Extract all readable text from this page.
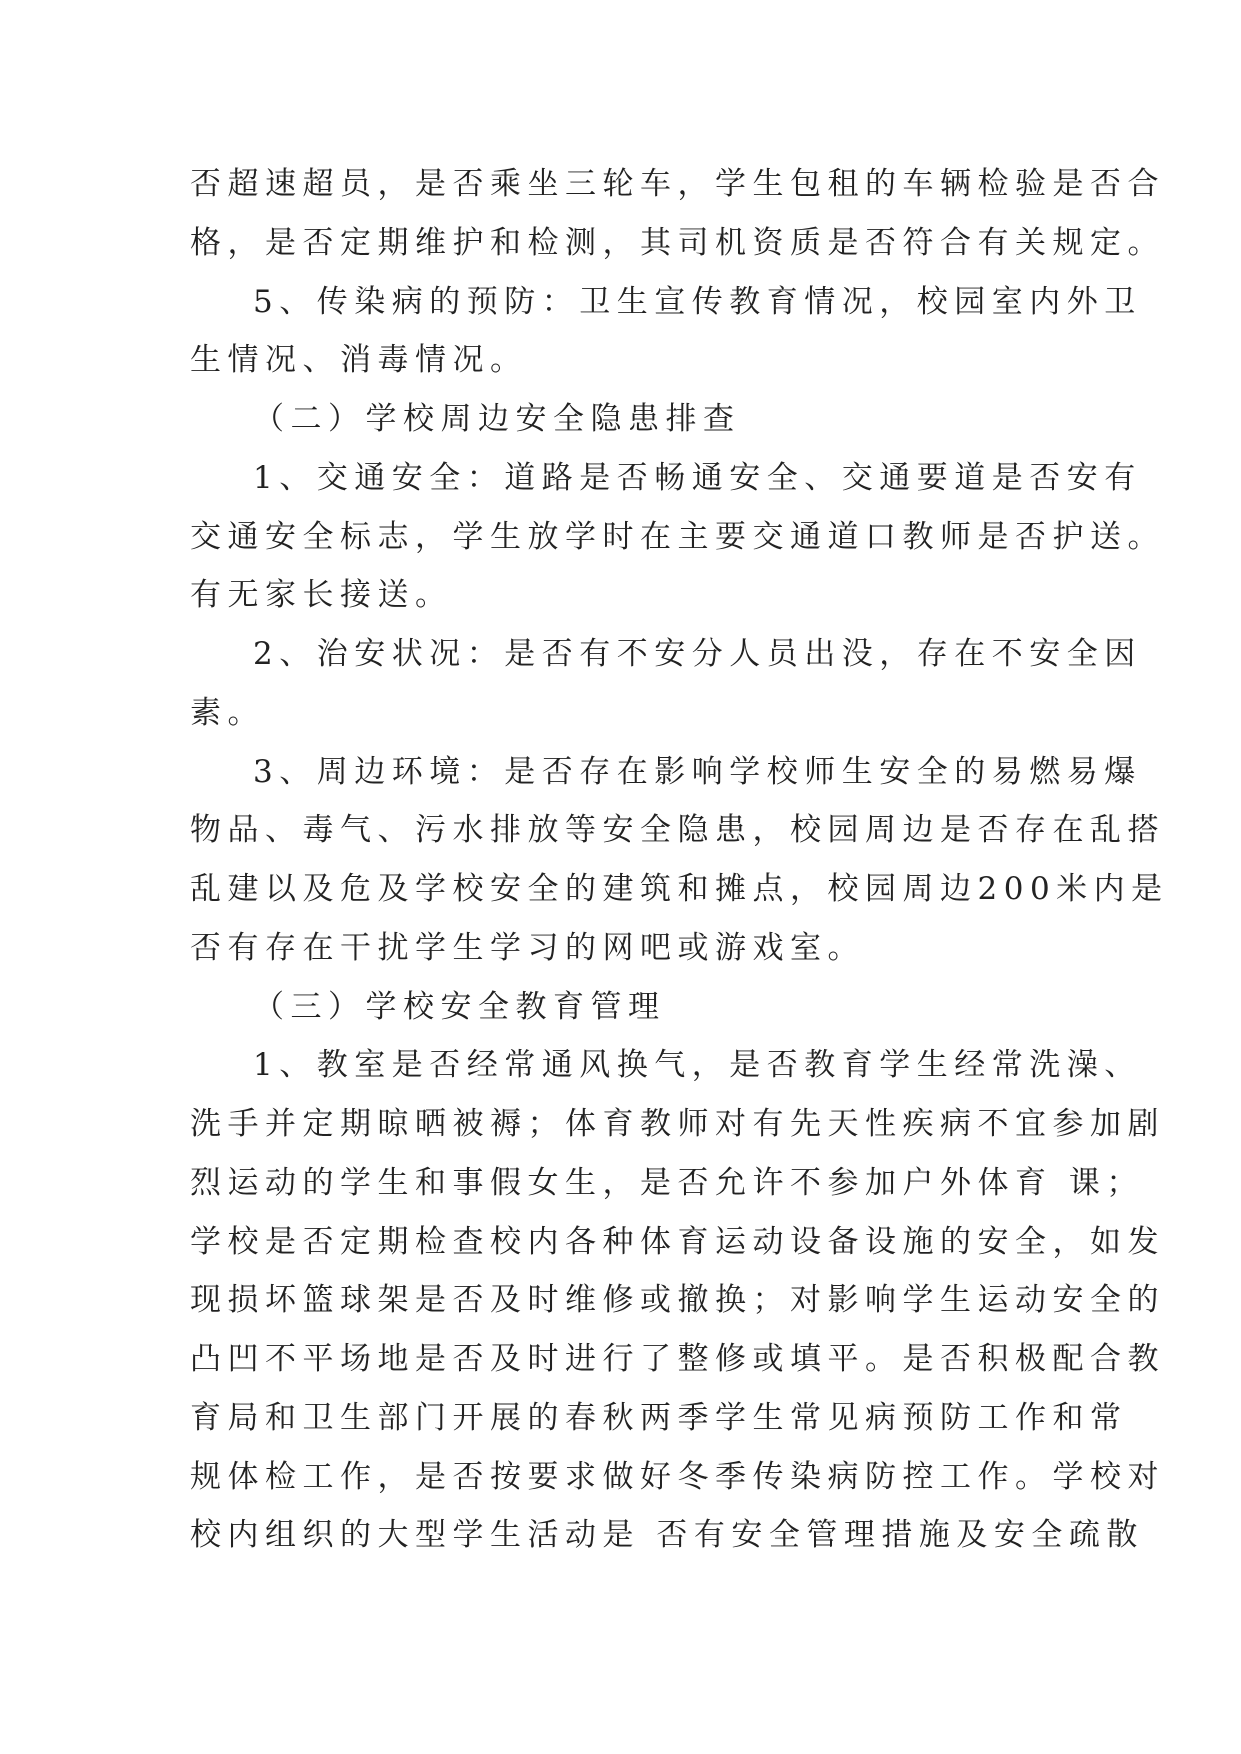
否超速超员，是否乘坐三轮车，学生包租的车辆检验是否合
格，是否定期维护和检测，其司机资质是否符合有关规定。
5、传染病的预防：卫生宣传教育情况，校园室内外卫
生情况、消毒情况。
（二）学校周边安全隐患排查
1、交通安全：道路是否畅通安全、交通要道是否安有
交通安全标志，学生放学时在主要交通道口教师是否护送。
有无家长接送。
2、治安状况：是否有不安分人员出没，存在不安全因
素。
3、周边环境：是否存在影响学校师生安全的易燃易爆
物品、毒气、污水排放等安全隐患，校园周边是否存在乱搭
乱建以及危及学校安全的建筑和摊点，校园周边200米内是
否有存在干扰学生学习的网吧或游戏室。
（三）学校安全教育管理
1、教室是否经常通风换气，是否教育学生经常洗澡、
洗手并定期晾晒被褥；体育教师对有先天性疾病不宜参加剧
烈运动的学生和事假女生，是否允许不参加户外体育 课；
学校是否定期检查校内各种体育运动设备设施的安全，如发
现损坏篮球架是否及时维修或撤换；对影响学生运动安全的
凸凹不平场地是否及时进行了整修或填平。是否积极配合教
育局和卫生部门开展的春秋两季学生常见病预防工作和常
规体检工作，是否按要求做好冬季传染病防控工作。学校对
校内组织的大型学生活动是 否有安全管理措施及安全疏散
